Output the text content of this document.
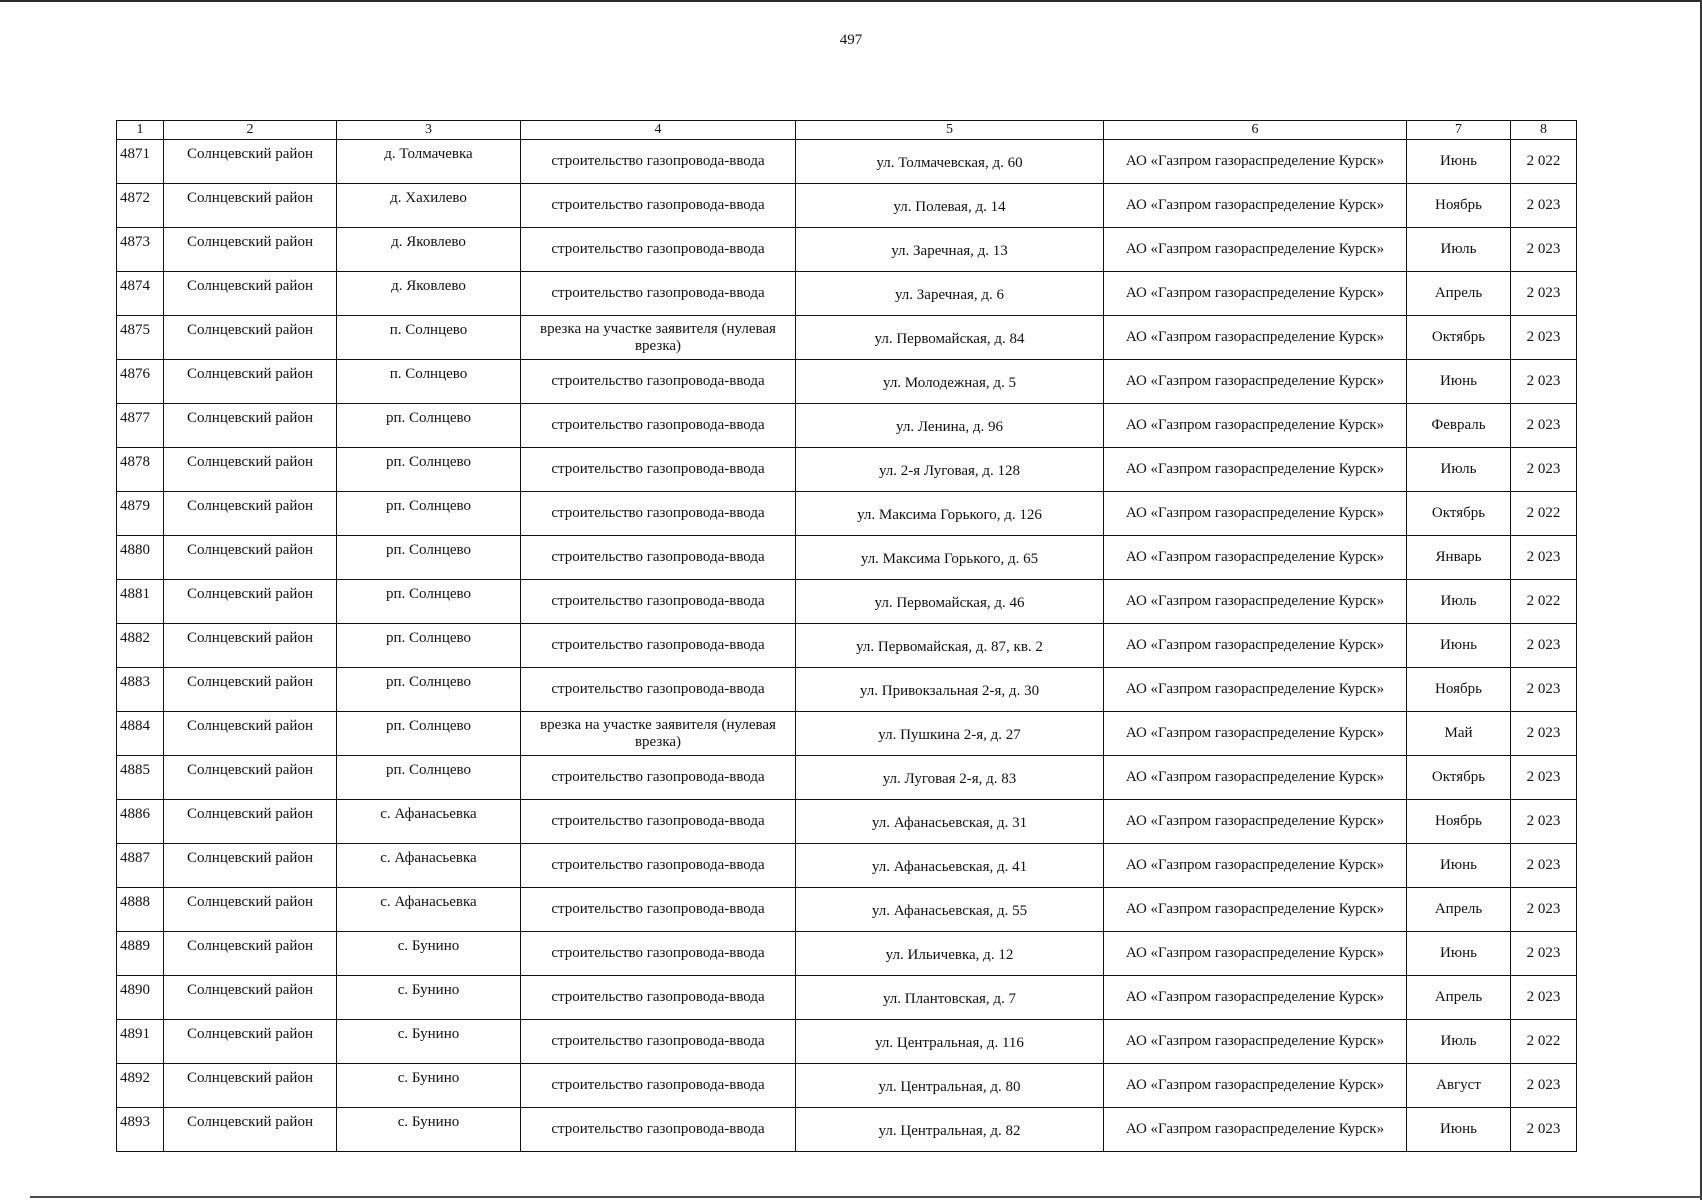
497
1	2	3	4	5	6	7	8
4871	Солнцевский район	д. Толмачевка	строительство газопровода-ввода	ул. Толмачевская, д. 60	АО «Газпром газораспределение Курск»	Июнь	2 022
4872	Солнцевский район	д. Хахилево	строительство газопровода-ввода	ул. Полевая, д. 14	АО «Газпром газораспределение Курск»	Ноябрь	2 023
4873	Солнцевский район	д. Яковлево	строительство газопровода-ввода	ул. Заречная, д. 13	АО «Газпром газораспределение Курск»	Июль	2 023
4874	Солнцевский район	д. Яковлево	строительство газопровода-ввода	ул. Заречная, д. 6	АО «Газпром газораспределение Курск»	Апрель	2 023
4875	Солнцевский район	п. Солнцево	врезка на участке заявителя (нулевая врезка)	ул. Первомайская, д. 84	АО «Газпром газораспределение Курск»	Октябрь	2 023
4876	Солнцевский район	п. Солнцево	строительство газопровода-ввода	ул. Молодежная, д. 5	АО «Газпром газораспределение Курск»	Июнь	2 023
4877	Солнцевский район	рп. Солнцево	строительство газопровода-ввода	ул. Ленина, д. 96	АО «Газпром газораспределение Курск»	Февраль	2 023
4878	Солнцевский район	рп. Солнцево	строительство газопровода-ввода	ул. 2-я Луговая, д. 128	АО «Газпром газораспределение Курск»	Июль	2 023
4879	Солнцевский район	рп. Солнцево	строительство газопровода-ввода	ул. Максима Горького, д. 126	АО «Газпром газораспределение Курск»	Октябрь	2 022
4880	Солнцевский район	рп. Солнцево	строительство газопровода-ввода	ул. Максима Горького, д. 65	АО «Газпром газораспределение Курск»	Январь	2 023
4881	Солнцевский район	рп. Солнцево	строительство газопровода-ввода	ул. Первомайская, д. 46	АО «Газпром газораспределение Курск»	Июль	2 022
4882	Солнцевский район	рп. Солнцево	строительство газопровода-ввода	ул. Первомайская, д. 87, кв. 2	АО «Газпром газораспределение Курск»	Июнь	2 023
4883	Солнцевский район	рп. Солнцево	строительство газопровода-ввода	ул. Привокзальная 2-я, д. 30	АО «Газпром газораспределение Курск»	Ноябрь	2 023
4884	Солнцевский район	рп. Солнцево	врезка на участке заявителя (нулевая врезка)	ул. Пушкина 2-я, д. 27	АО «Газпром газораспределение Курск»	Май	2 023
4885	Солнцевский район	рп. Солнцево	строительство газопровода-ввода	ул. Луговая 2-я, д. 83	АО «Газпром газораспределение Курск»	Октябрь	2 023
4886	Солнцевский район	с. Афанасьевка	строительство газопровода-ввода	ул. Афанасьевская, д. 31	АО «Газпром газораспределение Курск»	Ноябрь	2 023
4887	Солнцевский район	с. Афанасьевка	строительство газопровода-ввода	ул. Афанасьевская, д. 41	АО «Газпром газораспределение Курск»	Июнь	2 023
4888	Солнцевский район	с. Афанасьевка	строительство газопровода-ввода	ул. Афанасьевская, д. 55	АО «Газпром газораспределение Курск»	Апрель	2 023
4889	Солнцевский район	с. Бунино	строительство газопровода-ввода	ул. Ильичевка, д. 12	АО «Газпром газораспределение Курск»	Июнь	2 023
4890	Солнцевский район	с. Бунино	строительство газопровода-ввода	ул. Плантовская, д. 7	АО «Газпром газораспределение Курск»	Апрель	2 023
4891	Солнцевский район	с. Бунино	строительство газопровода-ввода	ул. Центральная, д. 116	АО «Газпром газораспределение Курск»	Июль	2 022
4892	Солнцевский район	с. Бунино	строительство газопровода-ввода	ул. Центральная, д. 80	АО «Газпром газораспределение Курск»	Август	2 023
4893	Солнцевский район	с. Бунино	строительство газопровода-ввода	ул. Центральная, д. 82	АО «Газпром газораспределение Курск»	Июнь	2 023
